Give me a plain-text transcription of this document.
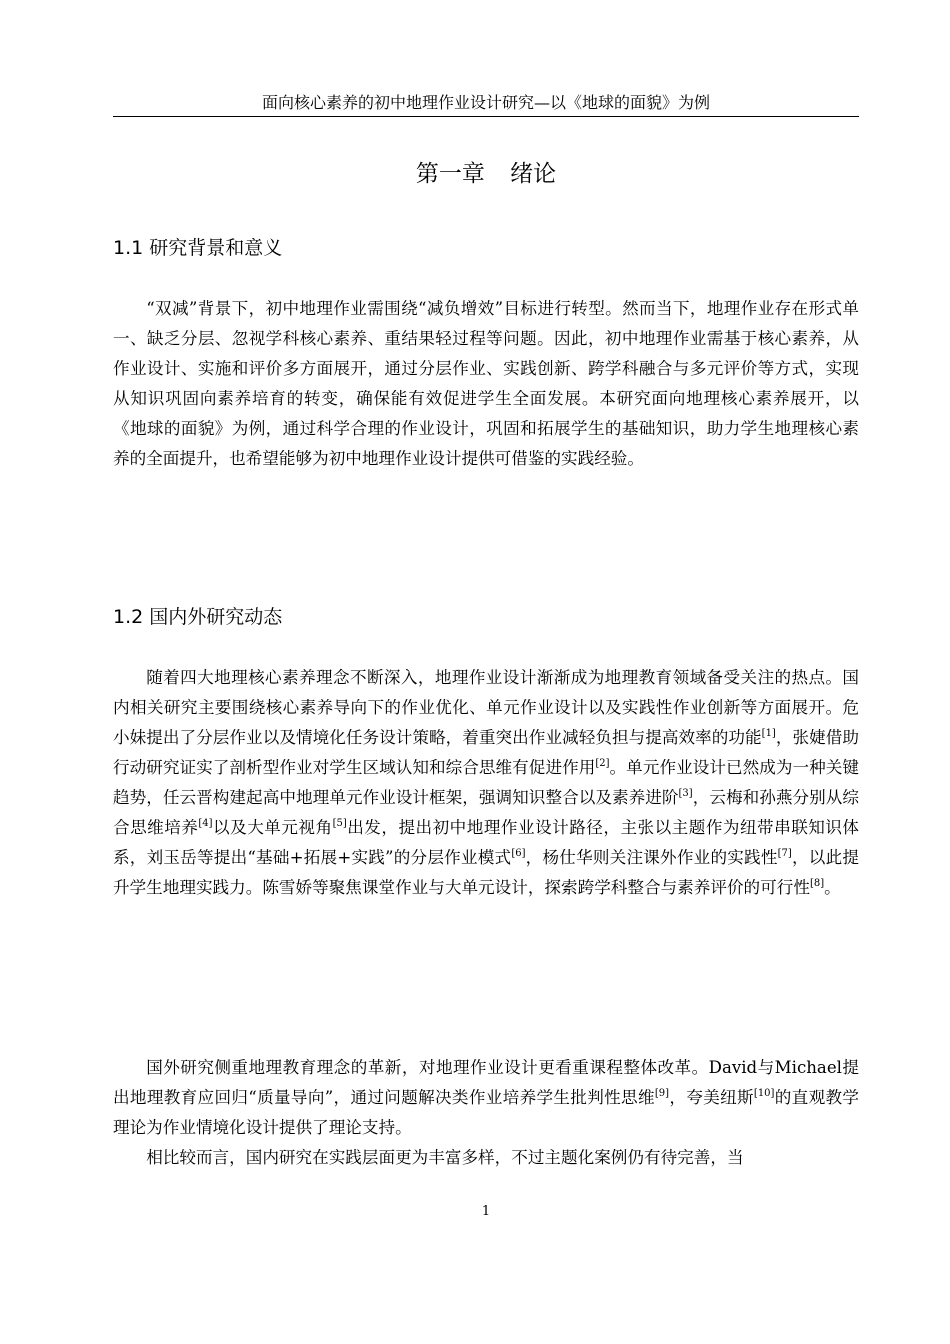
面向核心素养的初中地理作业设计研究—以《地球的面貌》为例
第一章 绪论
1.1 研究背景和意义

“双减”背景下，初中地理作业需围绕“减负增效”目标进行转型。然而当下，地理作业存在形式单一、缺乏分层、忽视学科核心素养、重结果轻过程等问题。因此，初中地理作业需基于核心素养，从作业设计、实施和评价多方面展开，通过分层作业、实践创新、跨学科融合与多元评价等方式，实现从知识巩固向素养培育的转变，确保能有效促进学生全面发展。本研究面向地理核心素养展开，以《地球的面貌》为例，通过科学合理的作业设计，巩固和拓展学生的基础知识，助力学生地理核心素养的全面提升，也希望能够为初中地理作业设计提供可借鉴的实践经验。

1.2 国内外研究动态

随着四大地理核心素养理念不断深入，地理作业设计渐渐成为地理教育领域备受关注的热点。国内相关研究主要围绕核心素养导向下的作业优化、单元作业设计以及实践性作业创新等方面展开。危小妹提出了分层作业以及情境化任务设计策略，着重突出作业减轻负担与提高效率的功能[1]，张婕借助行动研究证实了剖析型作业对学生区域认知和综合思维有促进作用[2]。单元作业设计已然成为一种关键趋势，任云晋构建起高中地理单元作业设计框架，强调知识整合以及素养进阶[3]，云梅和孙燕分别从综合思维培养[4]以及大单元视角[5]出发，提出初中地理作业设计路径，主张以主题作为纽带串联知识体系，刘玉岳等提出“基础+拓展+实践”的分层作业模式[6]，杨仕华则关注课外作业的实践性[7]，以此提升学生地理实践力。陈雪娇等聚焦课堂作业与大单元设计，探索跨学科整合与素养评价的可行性[8]。

国外研究侧重地理教育理念的革新，对地理作业设计更看重课程整体改革。David与Michael提出地理教育应回归“质量导向”，通过问题解决类作业培养学生批判性思维[9]，夸美纽斯[10]的直观教学理论为作业情境化设计提供了理论支持。

相比较而言，国内研究在实践层面更为丰富多样，不过主题化案例仍有待完善，当

1
